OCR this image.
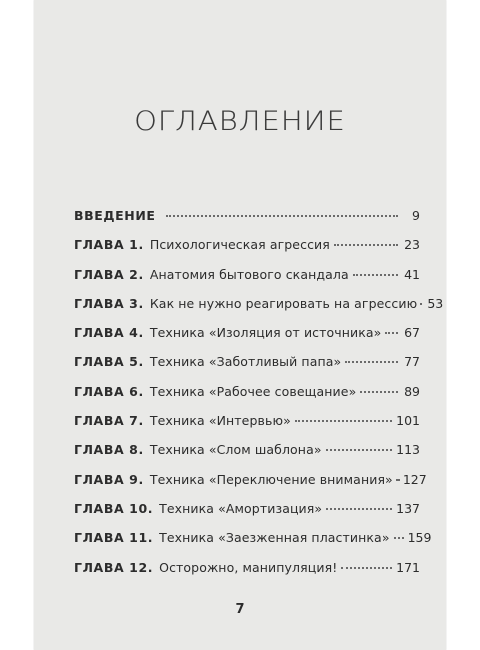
ОГЛАВЛЕНИЕ
ВВЕДЕНИЕ	9
ГЛАВА 1. Психологическая агрессия	23
ГЛАВА 2. Анатомия бытового скандала	41
ГЛАВА 3. Как не нужно реагировать на агрессию 53
ГЛАВА 4. Техника «Изоляция от источника» 67
ГЛАВА 5. Техника «Заботливый папа»	77
ГЛАВА 6. Техника «Рабочее совещание»	89
ГЛАВА 7. Техника «Интервью»	101
ГЛАВА 8. Техника «Слом шаблона»	113
ГЛАВА 9. Техника «Переключение внимания» 127
ГЛАВА 10. Техника «Амортизация»	137
ГЛАВА 11. Техника «Заезженная пластинка» 159
ГЛАВА 12. Осторожно, манипуляция!	171
7
